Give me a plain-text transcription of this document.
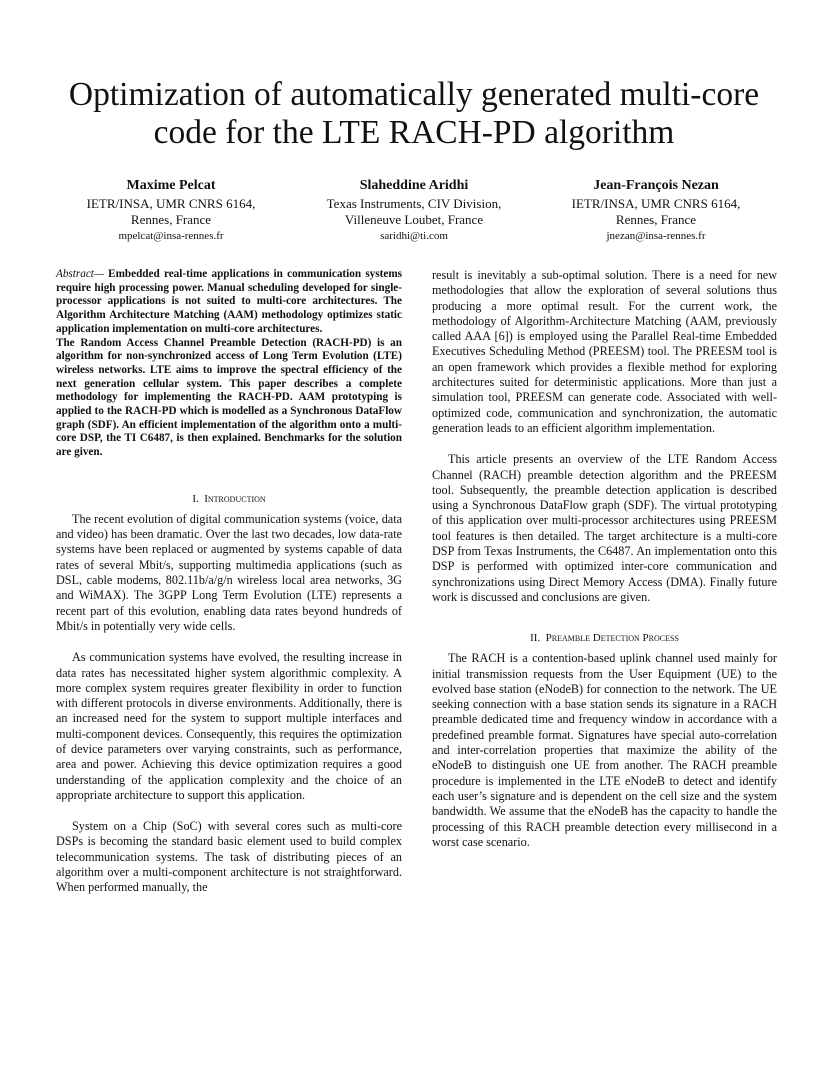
Optimization of automatically generated multi-core
code for the LTE RACH-PD algorithm
Maxime Pelcat
IETR/INSA, UMR CNRS 6164,
Rennes, France
mpelcat@insa-rennes.fr
Slaheddine Aridhi
Texas Instruments, CIV Division,
Villeneuve Loubet, France
saridhi@ti.com
Jean-François Nezan
IETR/INSA, UMR CNRS 6164,
Rennes, France
jnezan@insa-rennes.fr

Abstract— Embedded real-time applications in communication systems require high processing power. Manual scheduling developed for single-processor applications is not suited to multi-core architectures. The Algorithm Architecture Matching (AAM) methodology optimizes static application implementation on multi-core architectures.

The Random Access Channel Preamble Detection (RACH-PD) is an algorithm for non-synchronized access of Long Term Evolution (LTE) wireless networks. LTE aims to improve the spectral efficiency of the next generation cellular system. This paper describes a complete methodology for implementing the RACH-PD. AAM prototyping is applied to the RACH-PD which is modelled as a Synchronous DataFlow graph (SDF). An efficient implementation of the algorithm onto a multi-core DSP, the TI C6487, is then explained. Benchmarks for the solution are given.

I. Introduction

The recent evolution of digital communication systems (voice, data and video) has been dramatic. Over the last two decades, low data-rate systems have been replaced or augmented by systems capable of data rates of several Mbit/s, supporting multimedia applications (such as DSL, cable modems, 802.11b/a/g/n wireless local area networks, 3G and WiMAX). The 3GPP Long Term Evolution (LTE) represents a recent part of this evolution, enabling data rates beyond hundreds of Mbit/s in potentially very wide cells.

As communication systems have evolved, the resulting increase in data rates has necessitated higher system algorithmic complexity. A more complex system requires greater flexibility in order to function with different protocols in diverse environments. Additionally, there is an increased need for the system to support multiple interfaces and multi-component devices. Consequently, this requires the optimization of device parameters over varying constraints, such as performance, area and power. Achieving this device optimization requires a good understanding of the application complexity and the choice of an appropriate architecture to support this application.

System on a Chip (SoC) with several cores such as multi-core DSPs is becoming the standard basic element used to build complex telecommunication systems. The task of distributing pieces of an algorithm over a multi-component architecture is not straightforward. When performed manually, the

result is inevitably a sub-optimal solution. There is a need for new methodologies that allow the exploration of several solutions thus producing a more optimal result. For the current work, the methodology of Algorithm-Architecture Matching (AAM, previously called AAA [6]) is employed using the Parallel Real-time Embedded Executives Scheduling Method (PREESM) tool. The PREESM tool is an open framework which provides a flexible method for exploring architectures suited for deterministic applications. More than just a simulation tool, PREESM can generate code. Associated with well-optimized code, communication and synchronization, the automatic generation leads to an efficient algorithm implementation.

This article presents an overview of the LTE Random Access Channel (RACH) preamble detection algorithm and the PREESM tool. Subsequently, the preamble detection application is described using a Synchronous DataFlow graph (SDF). The virtual prototyping of this application over multi-processor architectures using PREESM tool features is then detailed. The target architecture is a multi-core DSP from Texas Instruments, the C6487. An implementation onto this DSP is performed with optimized inter-core communication and synchronizations using Direct Memory Access (DMA). Finally future work is discussed and conclusions are given.

II. Preamble Detection Process

The RACH is a contention-based uplink channel used mainly for initial transmission requests from the User Equipment (UE) to the evolved base station (eNodeB) for connection to the network. The UE seeking connection with a base station sends its signature in a RACH preamble dedicated time and frequency window in accordance with a predefined preamble format. Signatures have special auto-correlation and inter-correlation properties that maximize the ability of the eNodeB to distinguish one UE from another. The RACH preamble procedure is implemented in the LTE eNodeB to detect and identify each user’s signature and is dependent on the cell size and the system bandwidth. We assume that the eNodeB has the capacity to handle the processing of this RACH preamble detection every millisecond in a worst case scenario.
